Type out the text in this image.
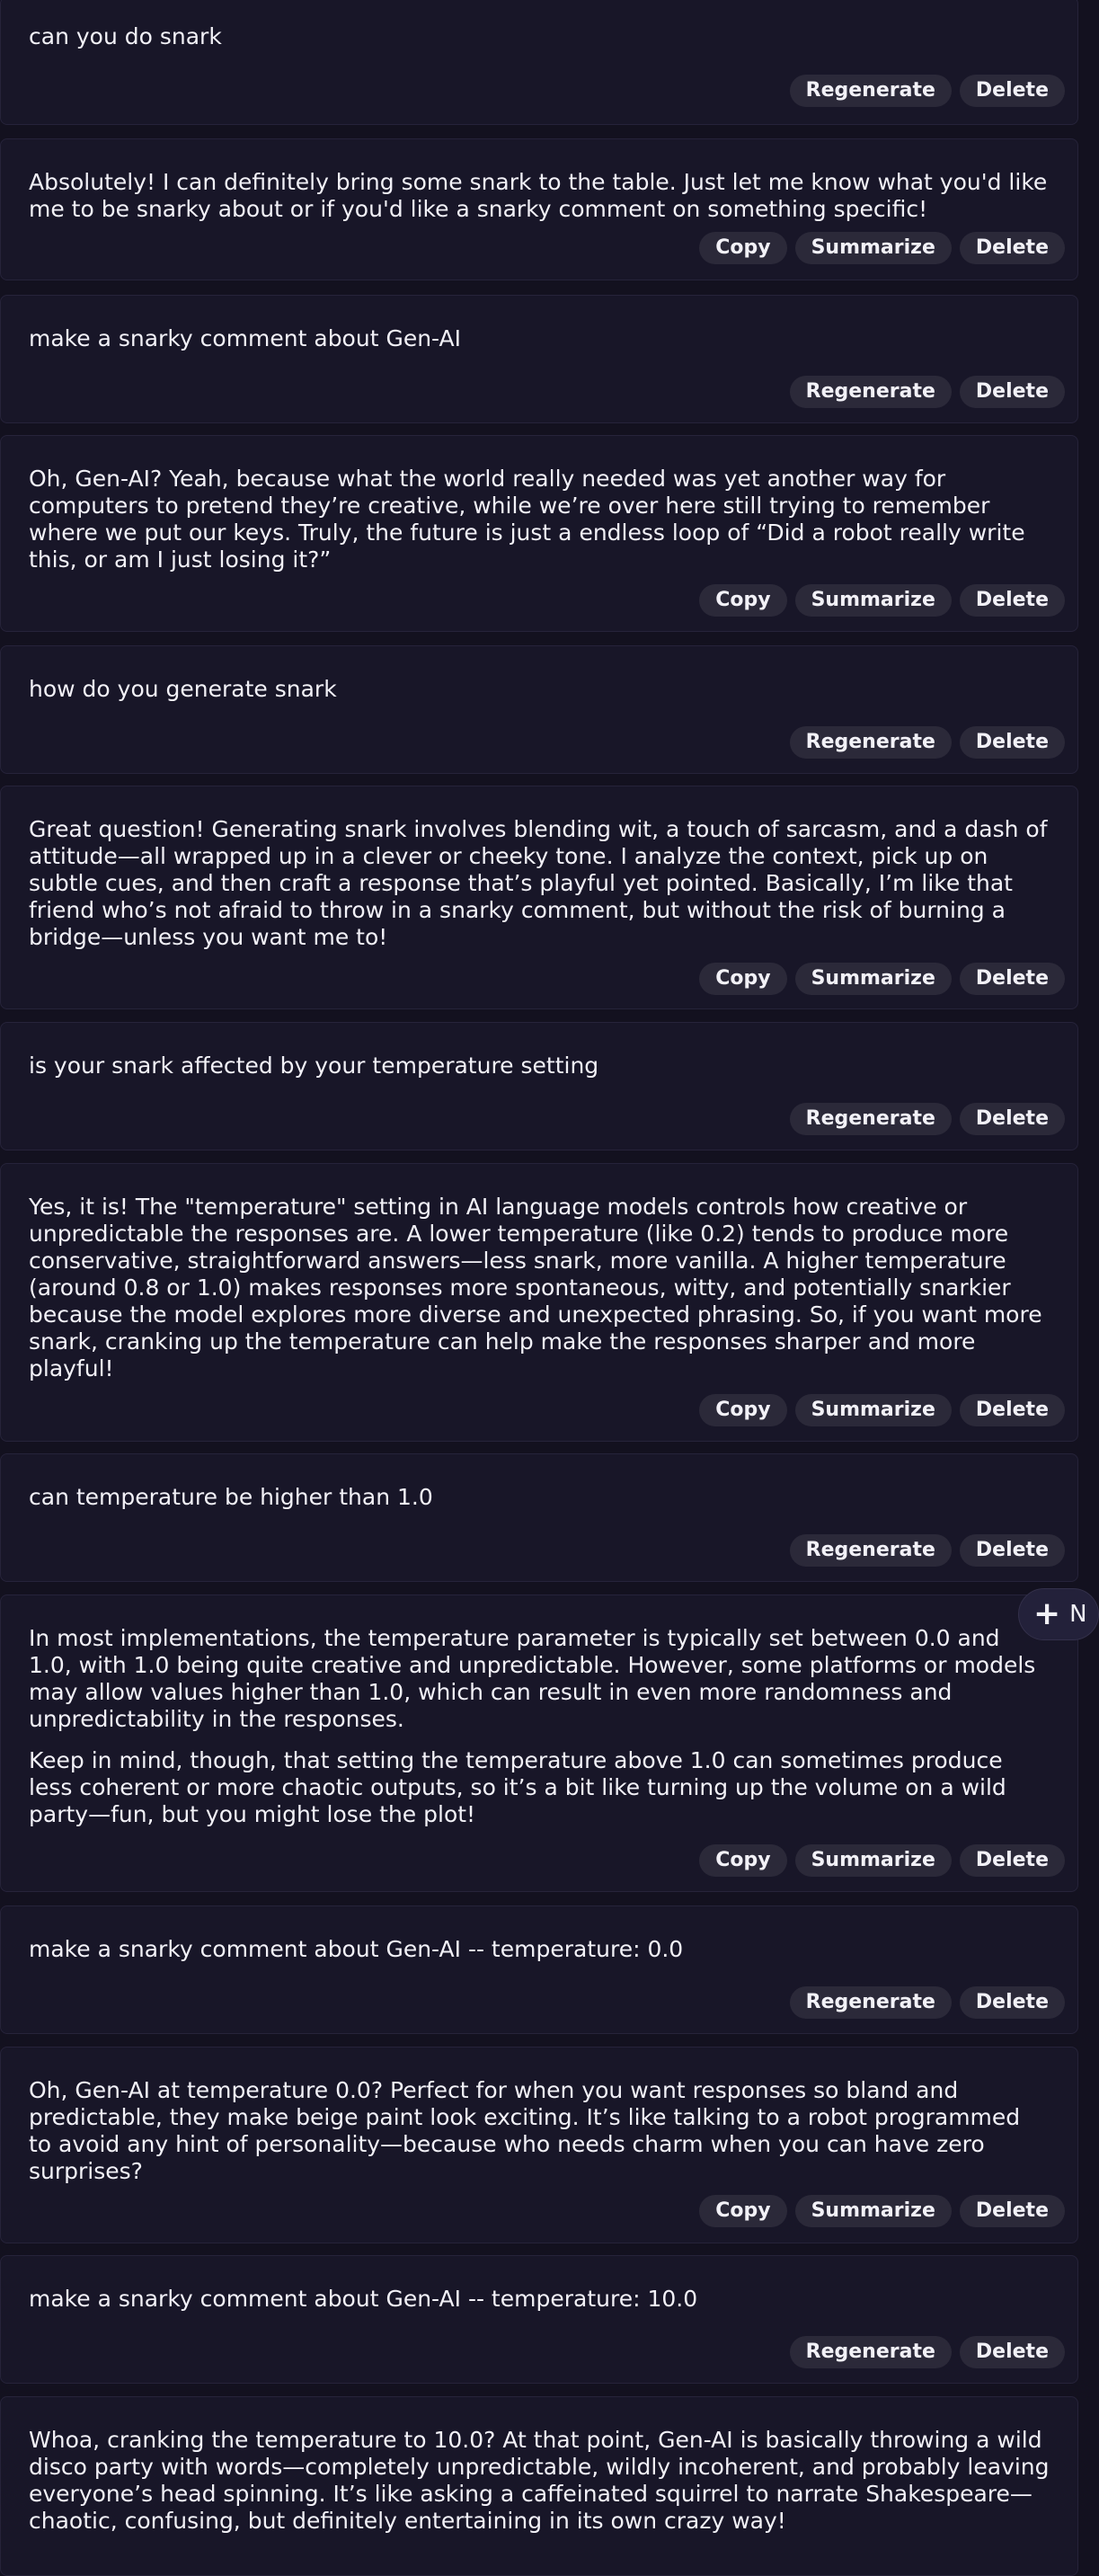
can you do snark

Regenerate	Delete

Absolutely! I can definitely bring some snark to the table. Just let me know what you'd like me to be snarky about or if you'd like a snarky comment on something specific!

Copy	Summarize	Delete

make a snarky comment about Gen-AI

Regenerate	Delete

Oh, Gen-AI? Yeah, because what the world really needed was yet another way for computers to pretend they’re creative, while we’re over here still trying to remember where we put our keys. Truly, the future is just a endless loop of “Did a robot really write this, or am I just losing it?”

Copy	Summarize	Delete

how do you generate snark

Regenerate	Delete

Great question! Generating snark involves blending wit, a touch of sarcasm, and a dash of attitude—all wrapped up in a clever or cheeky tone. I analyze the context, pick up on subtle cues, and then craft a response that’s playful yet pointed. Basically, I’m like that friend who’s not afraid to throw in a snarky comment, but without the risk of burning a bridge—unless you want me to!

Copy	Summarize	Delete

is your snark affected by your temperature setting

Regenerate	Delete

Yes, it is! The "temperature" setting in AI language models controls how creative or unpredictable the responses are. A lower temperature (like 0.2) tends to produce more conservative, straightforward answers—less snark, more vanilla. A higher temperature (around 0.8 or 1.0) makes responses more spontaneous, witty, and potentially snarkier because the model explores more diverse and unexpected phrasing. So, if you want more snark, cranking up the temperature can help make the responses sharper and more playful!

Copy	Summarize	Delete

can temperature be higher than 1.0

Regenerate	Delete

In most implementations, the temperature parameter is typically set between 0.0 and 1.0, with 1.0 being quite creative and unpredictable. However, some platforms or models may allow values higher than 1.0, which can result in even more randomness and unpredictability in the responses.

Keep in mind, though, that setting the temperature above 1.0 can sometimes produce less coherent or more chaotic outputs, so it’s a bit like turning up the volume on a wild party—fun, but you might lose the plot!

Copy	Summarize	Delete

make a snarky comment about Gen-AI -- temperature: 0.0

Regenerate	Delete

Oh, Gen-AI at temperature 0.0? Perfect for when you want responses so bland and predictable, they make beige paint look exciting. It’s like talking to a robot programmed to avoid any hint of personality—because who needs charm when you can have zero surprises?

Copy	Summarize	Delete

make a snarky comment about Gen-AI -- temperature: 10.0

Regenerate	Delete

Whoa, cranking the temperature to 10.0? At that point, Gen-AI is basically throwing a wild disco party with words—completely unpredictable, wildly incoherent, and probably leaving everyone’s head spinning. It’s like asking a caffeinated squirrel to narrate Shakespeare—chaotic, confusing, but definitely entertaining in its own crazy way!

+ N
